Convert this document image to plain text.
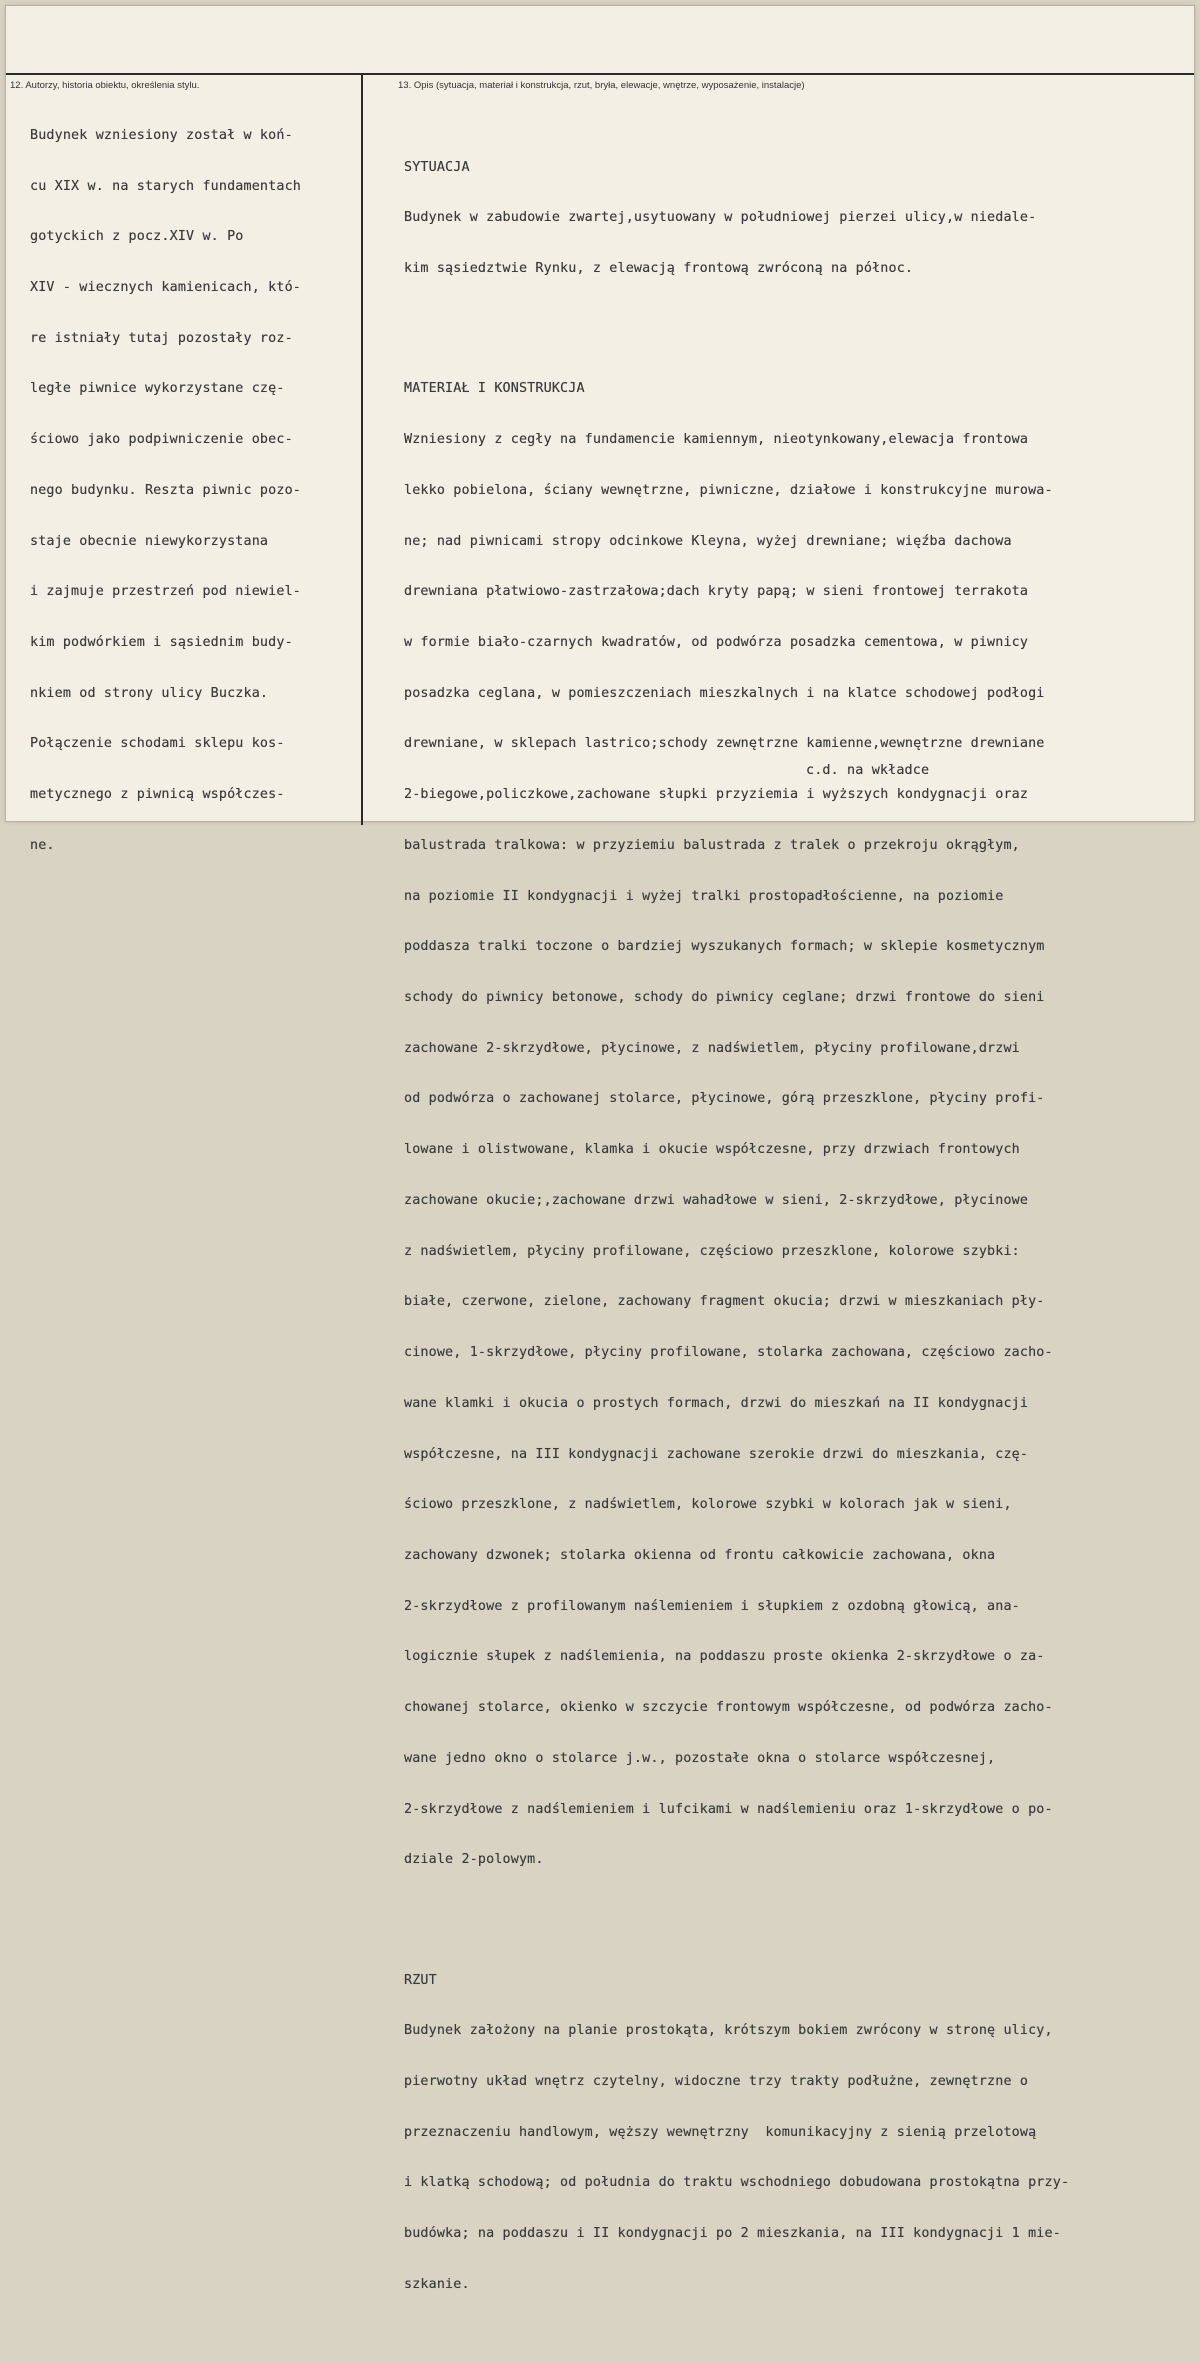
12. Autorzy, historia obiektu, określenia stylu.	13. Opis (sytuacja, materiał i konstrukcja, rzut, bryła, elewacje, wnętrze, wyposażenie, instalacje)

Budynek wzniesiony został w koń-

cu XIX w. na starych fundamentach

gotyckich z pocz.XIV w. Po

XIV - wiecznych kamienicach, któ-

re istniały tutaj pozostały roz-

ległe piwnice wykorzystane czę-

ściowo jako podpiwniczenie obec-

nego budynku. Reszta piwnic pozo-

staje obecnie niewykorzystana

i zajmuje przestrzeń pod niewiel-

kim podwórkiem i sąsiednim budy-

nkiem od strony ulicy Buczka.

Połączenie schodami sklepu kos-

metycznego z piwnicą współczes-

ne.

SYTUACJA

Budynek w zabudowie zwartej,usytuowany w południowej pierzei ulicy,w niedale-

kim sąsiedztwie Rynku, z elewacją frontową zwróconą na północ.

MATERIAŁ I KONSTRUKCJA

Wzniesiony z cegły na fundamencie kamiennym, nieotynkowany,elewacja frontowa

lekko pobielona, ściany wewnętrzne, piwniczne, działowe i konstrukcyjne murowa-

ne; nad piwnicami stropy odcinkowe Kleyna, wyżej drewniane; więźba dachowa

drewniana płatwiowo-zastrzałowa;dach kryty papą; w sieni frontowej terrakota

w formie biało-czarnych kwadratów, od podwórza posadzka cementowa, w piwnicy

posadzka ceglana, w pomieszczeniach mieszkalnych i na klatce schodowej podłogi

drewniane, w sklepach lastrico;schody zewnętrzne kamienne,wewnętrzne drewniane

2-biegowe,policzkowe,zachowane słupki przyziemia i wyższych kondygnacji oraz

balustrada tralkowa: w przyziemiu balustrada z tralek o przekroju okrągłym,

na poziomie II kondygnacji i wyżej tralki prostopadłościenne, na poziomie

poddasza tralki toczone o bardziej wyszukanych formach; w sklepie kosmetycznym

schody do piwnicy betonowe, schody do piwnicy ceglane; drzwi frontowe do sieni

zachowane 2-skrzydłowe, płycinowe, z nadświetlem, płyciny profilowane,drzwi

od podwórza o zachowanej stolarce, płycinowe, górą przeszklone, płyciny profi-

lowane i olistwowane, klamka i okucie współczesne, przy drzwiach frontowych

zachowane okucie;,zachowane drzwi wahadłowe w sieni, 2-skrzydłowe, płycinowe

z nadświetlem, płyciny profilowane, częściowo przeszklone, kolorowe szybki:

białe, czerwone, zielone, zachowany fragment okucia; drzwi w mieszkaniach pły-

cinowe, 1-skrzydłowe, płyciny profilowane, stolarka zachowana, częściowo zacho-

wane klamki i okucia o prostych formach, drzwi do mieszkań na II kondygnacji

współczesne, na III kondygnacji zachowane szerokie drzwi do mieszkania, czę-

ściowo przeszklone, z nadświetlem, kolorowe szybki w kolorach jak w sieni,

zachowany dzwonek; stolarka okienna od frontu całkowicie zachowana, okna

2-skrzydłowe z profilowanym naślemieniem i słupkiem z ozdobną głowicą, ana-

logicznie słupek z nadślemienia, na poddaszu proste okienka 2-skrzydłowe o za-

chowanej stolarce, okienko w szczycie frontowym współczesne, od podwórza zacho-

wane jedno okno o stolarce j.w., pozostałe okna o stolarce współczesnej,

2-skrzydłowe z nadślemieniem i lufcikami w nadślemieniu oraz 1-skrzydłowe o po-

dziale 2-polowym.

RZUT

Budynek założony na planie prostokąta, krótszym bokiem zwrócony w stronę ulicy,

pierwotny układ wnętrz czytelny, widoczne trzy trakty podłużne, zewnętrzne o

przeznaczeniu handlowym, węższy wewnętrzny  komunikacyjny z sienią przelotową

i klatką schodową; od południa do traktu wschodniego dobudowana prostokątna przy-

budówka; na poddaszu i II kondygnacji po 2 mieszkania, na III kondygnacji 1 mie-

szkanie.

c.d. na wkładce
